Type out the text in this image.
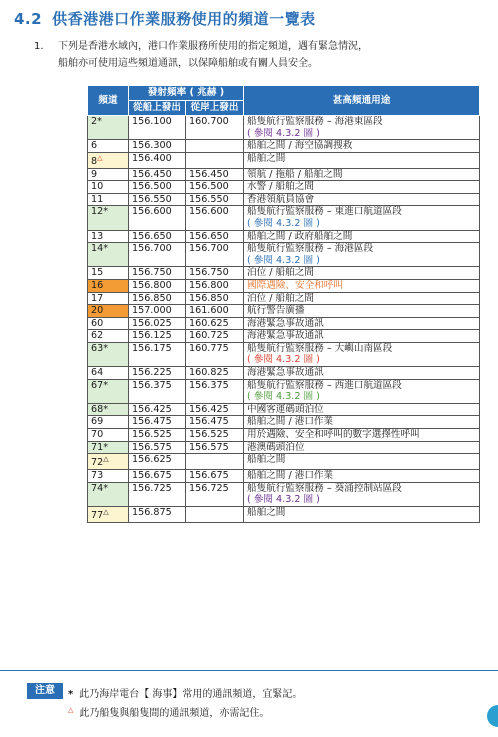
4.2 供香港港口作業服務使用的頻道一覽表
1. 下列是香港水域內，港口作業服務所使用的指定頻道，遇有緊急情況，
船舶亦可使用這些頻道通訊，以保障船舶或有關人員安全。
頻道	發射頻率 ( 兆赫 )		甚高頻通用途
	從船上發出	從岸上發出	
2*	156.100	160.700	船隻航行監察服務 – 海港東區段
( 參閱 4.3.2 圖 )

6	156.300		船舶之間 / 海空協調搜救

8△	156.400		船舶之間

9	156.450	156.450	領航 / 拖船 / 船舶之間

10	156.500	156.500	水警 / 船舶之間

11	156.550	156.550	香港領航員協會

12*	156.600	156.600	船隻航行監察服務 – 東進口航道區段
( 參閱 4.3.2 圖 )

13	156.650	156.650	船舶之間 / 政府船舶之間

14*	156.700	156.700	船隻航行監察服務 – 海港區段
( 參閱 4.3.2 圖 )

15	156.750	156.750	泊位 / 船舶之間

16	156.800	156.800	國際遇險、安全和呼叫

17	156.850	156.850	泊位 / 船舶之間

20	157.000	161.600	航行警告廣播

60	156.025	160.625	海港緊急事故通訊

62	156.125	160.725	海港緊急事故通訊

63*	156.175	160.775	船隻航行監察服務 – 大嶼山南區段
( 參閱 4.3.2 圖 )

64	156.225	160.825	海港緊急事故通訊

67*	156.375	156.375	船隻航行監察服務 – 西進口航道區段
( 參閱 4.3.2 圖 )

68*	156.425	156.425	中國客運碼頭泊位

69	156.475	156.475	船舶之間 / 港口作業

70	156.525	156.525	用於遇險、安全和呼叫的數字選擇性呼叫

71*	156.575	156.575	港澳碼頭泊位

72△	156.625		船舶之間

73	156.675	156.675	船舶之間 / 港口作業

74*	156.725	156.725	船隻航行監察服務 – 葵涌控制站區段
( 參閱 4.3.2 圖 )

77△	156.875		船舶之間
注意	* 此乃海岸電台【 海事】常用的通訊頻道，宜緊記。
△ 此乃船隻與船隻間的通訊頻道，亦需記住。
